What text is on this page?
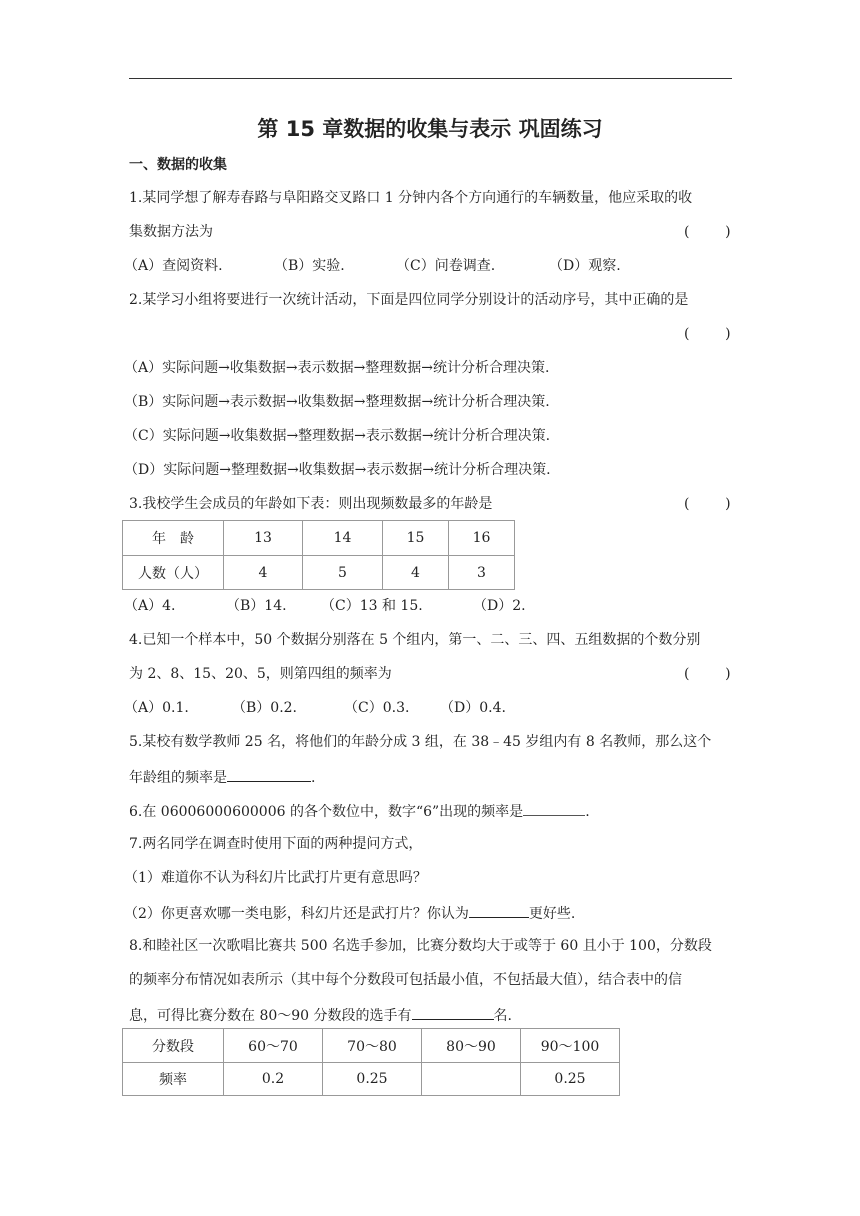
第 15 章数据的收集与表示 巩固练习
一、数据的收集
1.某同学想了解寿春路与阜阳路交叉路口 1 分钟内各个方向通行的车辆数量，他应采取的收
集数据方法为	(        )
（A）查阅资料.	（B）实验.	（C）问卷调查.	（D）观察.
2.某学习小组将要进行一次统计活动，下面是四位同学分别设计的活动序号，其中正确的是
(        )
（A）实际问题→收集数据→表示数据→整理数据→统计分析合理决策.
（B）实际问题→表示数据→收集数据→整理数据→统计分析合理决策.
（C）实际问题→收集数据→整理数据→表示数据→统计分析合理决策.
（D）实际问题→整理数据→收集数据→表示数据→统计分析合理决策.
3.我校学生会成员的年龄如下表：则出现频数最多的年龄是	(        )
年　龄	13	14	15	16
人数（人）	4	5	4	3
（A）4.	（B）14. （C）13 和 15.	（D）2.
4.已知一个样本中，50 个数据分别落在 5 个组内，第一、二、三、四、五组数据的个数分别
为 2、8、15、20、5，则第四组的频率为	(        )
（A）0.1.	（B）0.2.	（C）0.3. （D）0.4.
5.某校有数学教师 25 名，将他们的年龄分成 3 组，在 38﹣45 岁组内有 8 名教师，那么这个
年龄组的频率是	.
6.在 06006000600006 的各个数位中，数字“6”出现的频率是	.
7.两名同学在调查时使用下面的两种提问方式，
（1）难道你不认为科幻片比武打片更有意思吗？
（2）你更喜欢哪一类电影，科幻片还是武打片？你认为	更好些.
8.和睦社区一次歌唱比赛共 500 名选手参加，比赛分数均大于或等于 60 且小于 100，分数段
的频率分布情况如表所示（其中每个分数段可包括最小值，不包括最大值），结合表中的信
息，可得比赛分数在 80～90 分数段的选手有	名.
分数段	60～70	70～80	80～90	90～100
频率	0.2	0.25		0.25
